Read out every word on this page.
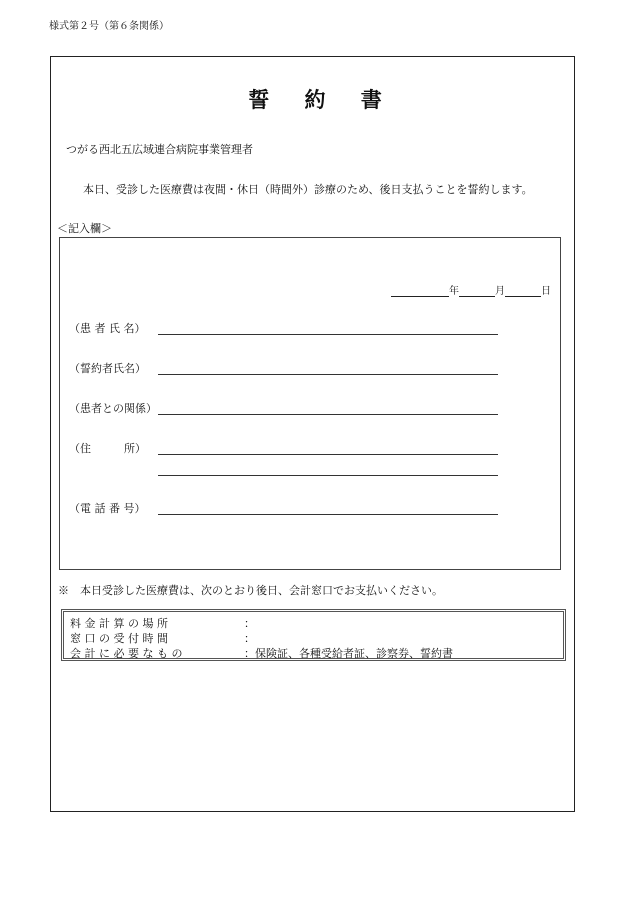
様式第２号（第６条関係）
誓 約 書
つがる西北五広域連合病院事業管理者
本日、受診した医療費は夜間・休日（時間外）診療のため、後日支払うことを誓約します。
＜記入欄＞
年	月	日
（患 者 氏 名）
（誓約者氏名）
（患者との関係）
（住　　　所）
（電 話 番 号）
※　本日受診した医療費は、次のとおり後日、会計窓口でお支払いください。
料 金 計 算 の 場 所	：
窓 口 の 受 付 時 間	：
会 計 に 必 要 な も の	：保険証、各種受給者証、診察券、誓約書
